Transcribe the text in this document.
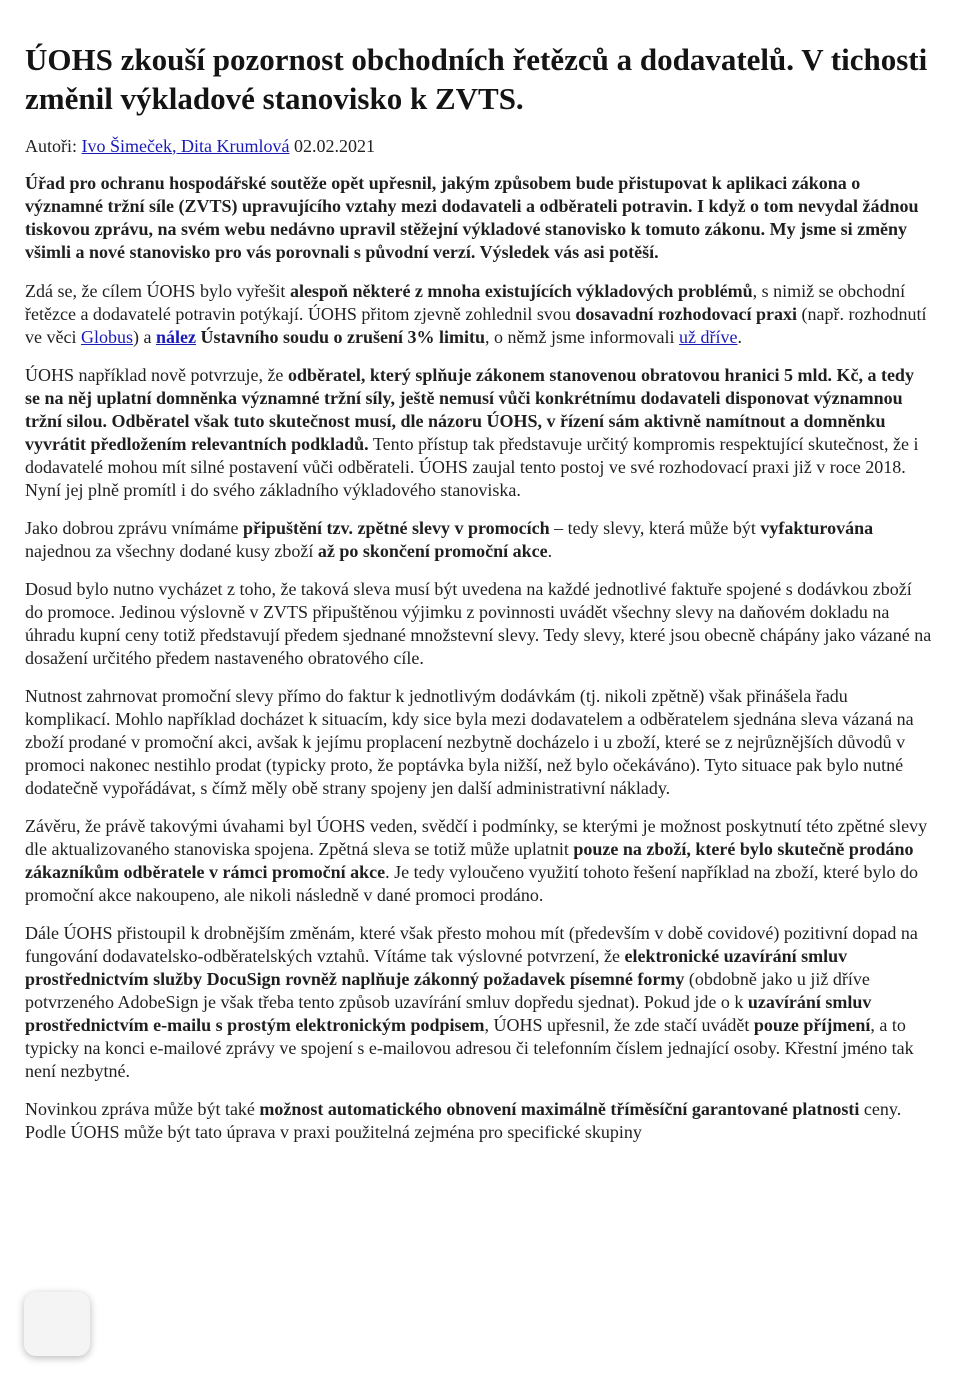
ÚOHS zkouší pozornost obchodních řetězců a dodavatelů. V tichosti změnil výkladové stanovisko k ZVTS.
Autoři: Ivo Šimeček, Dita Krumlová 02.02.2021

Úřad pro ochranu hospodářské soutěže opět upřesnil, jakým způsobem bude přistupovat k aplikaci zákona o významné tržní síle (ZVTS) upravujícího vztahy mezi dodavateli a odběrateli potravin. I když o tom nevydal žádnou tiskovou zprávu, na svém webu nedávno upravil stěžejní výkladové stanovisko k tomuto zákonu. My jsme si změny všimli a nové stanovisko pro vás porovnali s původní verzí. Výsledek vás asi potěší.

Zdá se, že cílem ÚOHS bylo vyřešit alespoň některé z mnoha existujících výkladových problémů, s nimiž se obchodní řetězce a dodavatelé potravin potýkají. ÚOHS přitom zjevně zohlednil svou dosavadní rozhodovací praxi (např. rozhodnutí ve věci Globus) a nález Ústavního soudu o zrušení 3% limitu, o němž jsme informovali už dříve.

ÚOHS například nově potvrzuje, že odběratel, který splňuje zákonem stanovenou obratovou hranici 5 mld. Kč, a tedy se na něj uplatní domněnka významné tržní síly, ještě nemusí vůči konkrétnímu dodavateli disponovat významnou tržní silou. Odběratel však tuto skutečnost musí, dle názoru ÚOHS, v řízení sám aktivně namítnout a domněnku vyvrátit předložením relevantních podkladů. Tento přístup tak představuje určitý kompromis respektující skutečnost, že i dodavatelé mohou mít silné postavení vůči odběrateli. ÚOHS zaujal tento postoj ve své rozhodovací praxi již v roce 2018. Nyní jej plně promítl i do svého základního výkladového stanoviska.

Jako dobrou zprávu vnímáme připuštění tzv. zpětné slevy v promocích – tedy slevy, která může být vyfakturována najednou za všechny dodané kusy zboží až po skončení promoční akce.

Dosud bylo nutno vycházet z toho, že taková sleva musí být uvedena na každé jednotlivé faktuře spojené s dodávkou zboží do promoce. Jedinou výslovně v ZVTS připuštěnou výjimku z povinnosti uvádět všechny slevy na daňovém dokladu na úhradu kupní ceny totiž představují předem sjednané množstevní slevy. Tedy slevy, které jsou obecně chápány jako vázané na dosažení určitého předem nastaveného obratového cíle.

Nutnost zahrnovat promoční slevy přímo do faktur k jednotlivým dodávkám (tj. nikoli zpětně) však přinášela řadu komplikací. Mohlo například docházet k situacím, kdy sice byla mezi dodavatelem a odběratelem sjednána sleva vázaná na zboží prodané v promoční akci, avšak k jejímu proplacení nezbytně docházelo i u zboží, které se z nejrůznějších důvodů v promoci nakonec nestihlo prodat (typicky proto, že poptávka byla nižší, než bylo očekáváno). Tyto situace pak bylo nutné dodatečně vypořádávat, s čímž měly obě strany spojeny jen další administrativní náklady.

Závěru, že právě takovými úvahami byl ÚOHS veden, svědčí i podmínky, se kterými je možnost poskytnutí této zpětné slevy dle aktualizovaného stanoviska spojena. Zpětná sleva se totiž může uplatnit pouze na zboží, které bylo skutečně prodáno zákazníkům odběratele v rámci promoční akce. Je tedy vyloučeno využití tohoto řešení například na zboží, které bylo do promoční akce nakoupeno, ale nikoli následně v dané promoci prodáno.

Dále ÚOHS přistoupil k drobnějším změnám, které však přesto mohou mít (především v době covidové) pozitivní dopad na fungování dodavatelsko-odběratelských vztahů. Vítáme tak výslovné potvrzení, že elektronické uzavírání smluv prostřednictvím služby DocuSign rovněž naplňuje zákonný požadavek písemné formy (obdobně jako u již dříve potvrzeného AdobeSign je však třeba tento způsob uzavírání smluv dopředu sjednat). Pokud jde o k uzavírání smluv prostřednictvím e-mailu s prostým elektronickým podpisem, ÚOHS upřesnil, že zde stačí uvádět pouze příjmení, a to typicky na konci e-mailové zprávy ve spojení s e-mailovou adresou či telefonním číslem jednající osoby. Křestní jméno tak není nezbytné.

Novinkou zpráva může být také možnost automatického obnovení maximálně tříměsíční garantované platnosti ceny. Podle ÚOHS může být tato úprava v praxi použitelná zejména pro specifické skupiny
